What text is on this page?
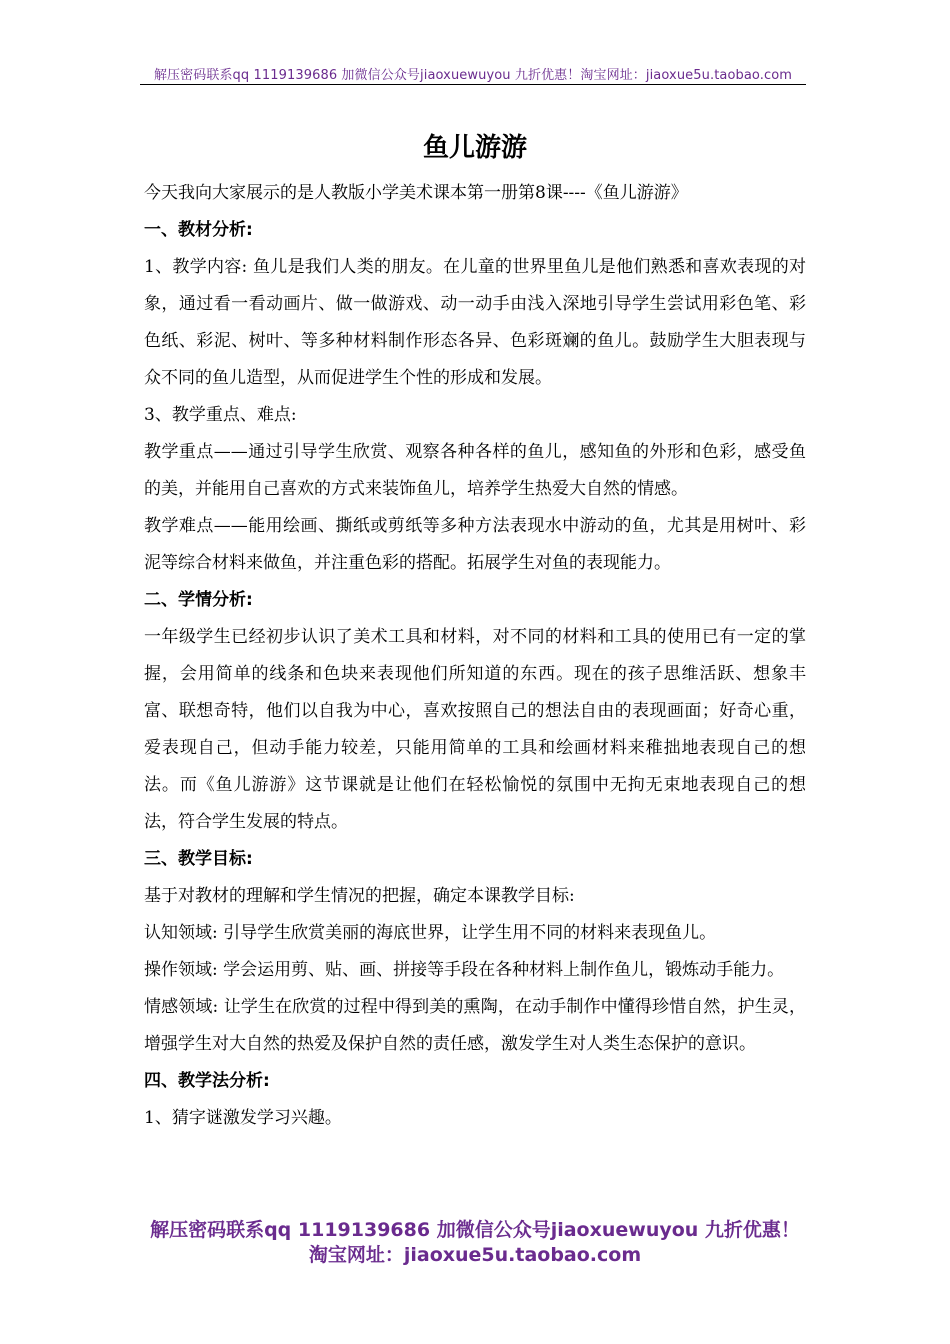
解压密码联系qq 1119139686 加微信公众号jiaoxuewuyou 九折优惠！淘宝网址：jiaoxue5u.taobao.com
鱼儿游游

今天我向大家展示的是人教版小学美术课本第一册第8课----《鱼儿游游》

一、教材分析:

1、教学内容: 鱼儿是我们人类的朋友。在儿童的世界里鱼儿是他们熟悉和喜欢表现的对象，通过看一看动画片、做一做游戏、动一动手由浅入深地引导学生尝试用彩色笔、彩色纸、彩泥、树叶、等多种材料制作形态各异、色彩斑斓的鱼儿。鼓励学生大胆表现与众不同的鱼儿造型，从而促进学生个性的形成和发展。

3、教学重点、难点:

教学重点——通过引导学生欣赏、观察各种各样的鱼儿，感知鱼的外形和色彩，感受鱼的美，并能用自己喜欢的方式来装饰鱼儿，培养学生热爱大自然的情感。

教学难点——能用绘画、撕纸或剪纸等多种方法表现水中游动的鱼，尤其是用树叶、彩泥等综合材料来做鱼，并注重色彩的搭配。拓展学生对鱼的表现能力。

二、学情分析:

一年级学生已经初步认识了美术工具和材料，对不同的材料和工具的使用已有一定的掌握，会用简单的线条和色块来表现他们所知道的东西。现在的孩子思维活跃、想象丰富、联想奇特，他们以自我为中心，喜欢按照自己的想法自由的表现画面；好奇心重，爱表现自己，但动手能力较差，只能用简单的工具和绘画材料来稚拙地表现自己的想法。而《鱼儿游游》这节课就是让他们在轻松愉悦的氛围中无拘无束地表现自己的想法，符合学生发展的特点。

三、教学目标:

基于对教材的理解和学生情况的把握，确定本课教学目标:

认知领域: 引导学生欣赏美丽的海底世界，让学生用不同的材料来表现鱼儿。

操作领域: 学会运用剪、贴、画、拼接等手段在各种材料上制作鱼儿，锻炼动手能力。

情感领域: 让学生在欣赏的过程中得到美的熏陶，在动手制作中懂得珍惜自然，护生灵，增强学生对大自然的热爱及保护自然的责任感，激发学生对人类生态保护的意识。

四、教学法分析:

1、猜字谜激发学习兴趣。

解压密码联系qq 1119139686 加微信公众号jiaoxuewuyou 九折优惠！
淘宝网址：jiaoxue5u.taobao.com
